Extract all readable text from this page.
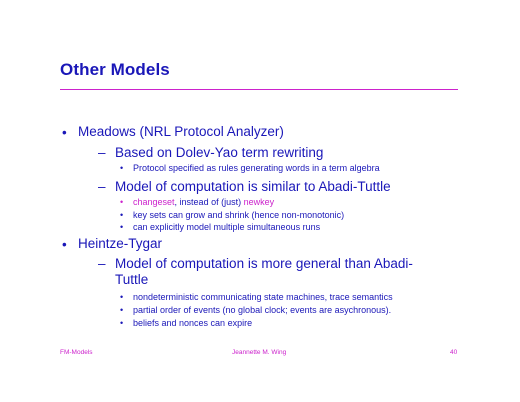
Other Models
• Meadows (NRL Protocol Analyzer)
– Based on Dolev-Yao term rewriting
• Protocol specified as rules generating words in a term algebra
– Model of computation is similar to Abadi-Tuttle
• changeset, instead of (just) newkey
• key sets can grow and shrink (hence non-monotonic)
• can explicitly model multiple simultaneous runs
• Heintze-Tygar
– Model of computation is more general than Abadi-
Tuttle
• nondeterministic communicating state machines, trace semantics
• partial order of events (no global clock; events are asychronous).
• beliefs and nonces can expire
FM-Models	Jeannette M. Wing	40
